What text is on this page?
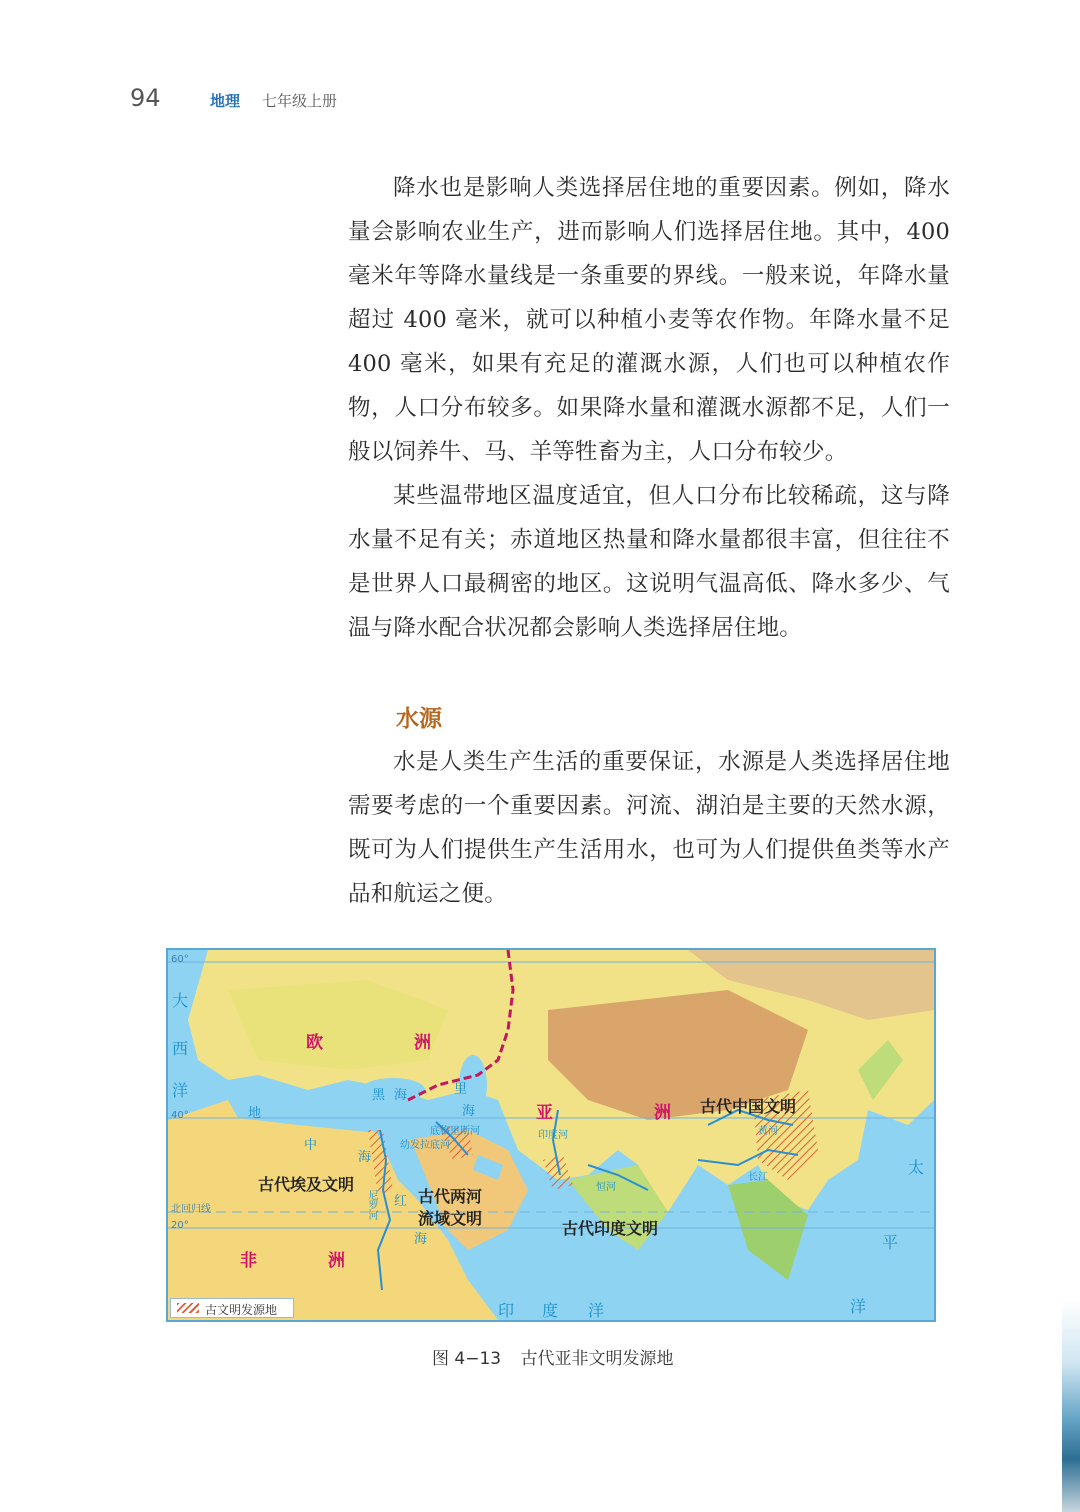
94	地理 七年级上册

降水也是影响人类选择居住地的重要因素。例如，降水量会影响农业生产，进而影响人们选择居住地。其中，400 毫米年等降水量线是一条重要的界线。一般来说，年降水量超过 400 毫米，就可以种植小麦等农作物。年降水量不足 400 毫米，如果有充足的灌溉水源，人们也可以种植农作物，人口分布较多。如果降水量和灌溉水源都不足，人们一般以饲养牛、马、羊等牲畜为主，人口分布较少。

某些温带地区温度适宜，但人口分布比较稀疏，这与降水量不足有关；赤道地区热量和降水量都很丰富，但往往不是世界人口最稠密的地区。这说明气温高低、降水多少、气温与降水配合状况都会影响人类选择居住地。

水源

水是人类生产生活的重要保证，水源是人类选择居住地需要考虑的一个重要因素。河流、湖泊是主要的天然水源，既可为人们提供生产生活用水，也可为人们提供鱼类等水产品和航运之便。

60°
40°
北回归线
20°
欧	洲
亚	洲
非	洲
大
西
洋
印 度 洋
太
平
洋
地
中
海
黑 海	里
海
红
海
尼罗河
底格里斯河
幼发拉底河
印度河
恒河
黄河
长江
古代中国文明
古代埃及文明
古代两河
流域文明
古代印度文明
古文明发源地
图 4−13 古代亚非文明发源地
